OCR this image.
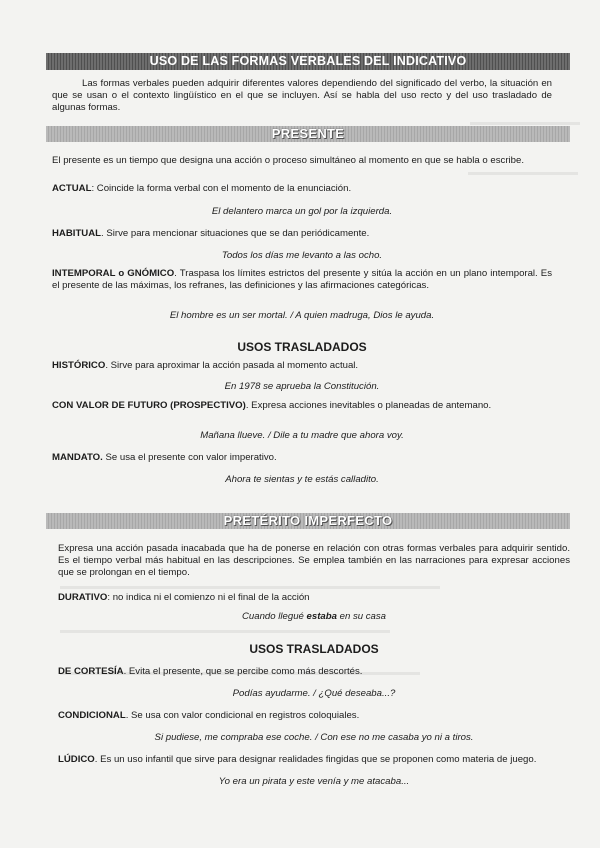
USO DE LAS FORMAS VERBALES DEL INDICATIVO

Las formas verbales pueden adquirir diferentes valores dependiendo del significado del verbo, la situación en que se usan o el contexto lingüístico en el que se incluyen. Así se habla del uso recto y del uso trasladado de algunas formas.

PRESENTE

El presente es un tiempo que designa una acción o proceso simultáneo al momento en que se habla o escribe.

ACTUAL: Coincide la forma verbal con el momento de la enunciación.

El delantero marca un gol por la izquierda.

HABITUAL. Sirve para mencionar situaciones que se dan periódicamente.

Todos los días me levanto a las ocho.

INTEMPORAL o GNÓMICO. Traspasa los límites estrictos del presente y sitúa la acción en un plano intemporal. Es el presente de las máximas, los refranes, las definiciones y las afirmaciones categóricas.

El hombre es un ser mortal. / A quien madruga, Dios le ayuda.
USOS TRASLADADOS

HISTÓRICO. Sirve para aproximar la acción pasada al momento actual.

En 1978 se aprueba la Constitución.

CON VALOR DE FUTURO (PROSPECTIVO). Expresa acciones inevitables o planeadas de antemano.

Mañana llueve. / Dile a tu madre que ahora voy.

MANDATO. Se usa el presente con valor imperativo.

Ahora te sientas y te estás calladito.
PRETÉRITO IMPERFECTO

Expresa una acción pasada inacabada que ha de ponerse en relación con otras formas verbales para adquirir sentido. Es el tiempo verbal más habitual en las descripciones. Se emplea también en las narraciones para expresar acciones que se prolongan en el tiempo.

DURATIVO: no indica ni el comienzo ni el final de la acción

Cuando llegué estaba en su casa
USOS TRASLADADOS

DE CORTESÍA. Evita el presente, que se percibe como más descortés.

Podías ayudarme. / ¿Qué deseaba...?

CONDICIONAL. Se usa con valor condicional en registros coloquiales.

Si pudiese, me compraba ese coche. / Con ese no me casaba yo ni a tiros.

LÚDICO. Es un uso infantil que sirve para designar realidades fingidas que se proponen como materia de juego.

Yo era un pirata y este venía y me atacaba...
